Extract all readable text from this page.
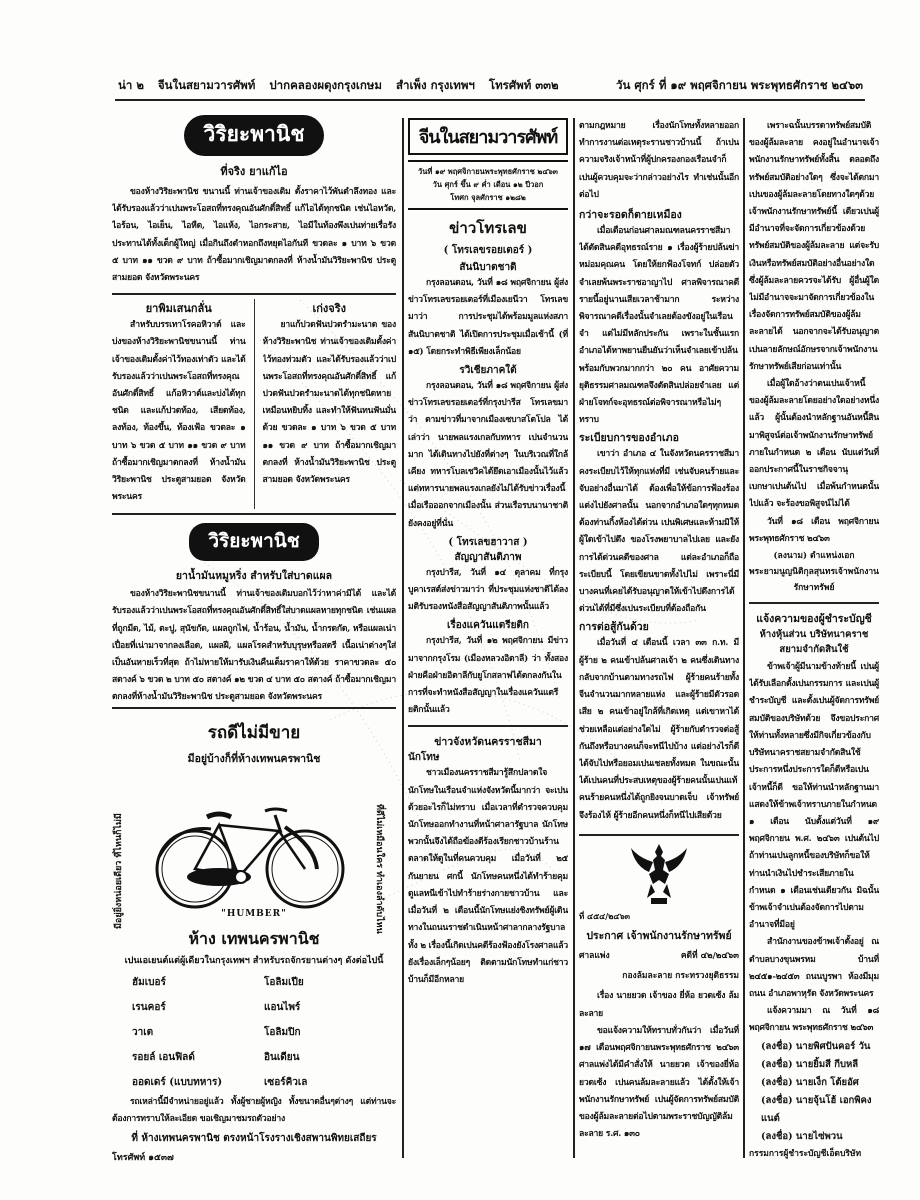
น่า ๒ จีนในสยามวารศัพท์ ปากคลองผดุงกรุงเกษม สำเพ็ง กรุงเทพฯ โทรศัพท์ ๓๓๒	วัน ศุกร์ ที่ ๑๙ พฤศจิกายน พระพุทธศักราช ๒๔๖๓
วิริยะพานิช
ที่จริง ยาแก้ไอ

ของห้างวิริยะพานิช ขนานนี้ ท่านเจ้าของเดิม ตั้งราคาไว้พันตำลึงทอง และได้รับรองแล้วว่าเปนพระโอสถที่ทรงคุณอันศักดิ์สิทธิ์ แก้ไอได้ทุกชนิด เช่นไอหวัด, ไอร้อน, ไอเย็น, ไอหืด, ไอแห้ง, ไอกระสาย, ไอมีในท้องพึงเปนท่ายเรื่อรัง ประทานได้ทั้งเด็กผู้ใหญ่ เมื่อกินถึงตำหอกถึงหยุดไอกันที ขวดละ ๑ บาท ๖ ขวด ๕ บาท ๑๑ ขวด ๙ บาท ถ้าซื้อมากเชิญมาตกลงที่ ห้างน้ำมันวิริยะพานิช ประตูสามยอด จังหวัดพระนคร

ยาพิมเสนกลั่น

สำหรับบรรเทาโรคอหิวาต์ และบ่งของห้างวิริยะพานิชขนานนี้ ท่านเจ้าของเดิมตั้งค่าไว้ทองเท่าตัว และได้รับรองแล้วว่าเปนพระโอสถที่ทรงคุณอันศักดิ์สิทธิ์ แก้อหิวาต์และบ่งได้ทุกชนิด และแก้ปวดท้อง, เสียดท้อง, ลงท้อง, ท้องขึ้น, ท้องเฟ้อ ขวดละ ๑ บาท ๖ ขวด ๕ บาท ๑๑ ขวด ๙ บาท ถ้าซื้อมากเชิญมาตกลงที่ ห้างน้ำมันวิริยะพานิช ประตูสามยอด จังหวัดพระนคร

เก่งจริง

ยาแก้ปวดฟันปวดรำมะนาด ของห้างวิริยะพานิช ท่านเจ้าของเดิมตั้งค่าไว้ทองท่วมตัว และได้รับรองแล้วว่าเปนพระโอสถที่ทรงคุณอันศักดิ์สิทธิ์ แก้ปวดฟันปวดรำมะนาดได้ทุกชนิดหายเหมือนหยิบทิ้ง และทำให้ฟันทนฟันมั่นด้วย ขวดละ ๑ บาท ๖ ขวด ๕ บาท ๑๑ ขวด ๙ บาท ถ้าซื้อมากเชิญมาตกลงที่ ห้างน้ำมันวิริยะพานิช ประตูสามยอด จังหวัดพระนคร

วิริยะพานิช
ยาน้ำมันหมูหริ่ง สำหรับใส่บาดแผล

ของห้างวิริยะพานิชขนานนี้ ท่านเจ้าของเดิมบอกไว้ว่าหาค่ามิได้ และได้รับรองแล้วว่าเปนพระโอสถที่ทรงคุณอันศักดิ์สิทธิ์ใส่บาดแผลหายทุกชนิด เช่นแผลที่ถูกมีด, ไม้, ตะปู, สุนัขกัด, แผลถูกไฟ, น้ำร้อน, น้ำมัน, น้ำกรดกัด, หรือแผลเน่าเปื่อยที่เน่ามาจากลงเลือด, แผลฝี, แผลโรคสำหรับบุรุษหรือสตรี เนื้อเน่าต่างๆใส่เป็นอันหายเร็วที่สุด ถ้าไม่หายให้มารับเงินคืนเต็มราคาให้ด้วย ราคาขวดละ ๕๐ สตางค์ ๖ ขวด ๒ บาท ๕๐ สตางค์ ๑๒ ขวด ๔ บาท ๕๐ สตางค์ ถ้าซื้อมากเชิญมาตกลงที่ห้างน้ำมันวิริยะพานิช ประตูสามยอด จังหวัดพระนคร

รถดีไม่มีขาย
มีอยู่บ้างก็ที่ห้างเทพนครพานิช
มีอยู่ยิ่งหน่อยเดียว ที่ไหนก็ไม่มี	ที่ดีไม่เหมือนใคร ทำเองลำดับไหน
"HUMBER"
ห้าง เทพนครพานิช
เปนเอเยนต์แต่ผู้เดียวในกรุงเทพฯ สำหรับรถจักรยานต่างๆ ดังต่อไปนี้
ฮัมเบอร์	โอลิมเปีย
เรนคอร์	แอนไพร์
วาเต	โอลิมปิก
รอยล์ เอนฟิลด์	อินเดียน
ออดเดร์ (แบบทหาร)	เซอร์คิวเล

รถเหล่านี้มีจำหน่ายอยู่แล้ว ทั้งผู้ชายผู้หญิง ทั้งขนาดอื่นๆต่างๆ แต่ท่านจะต้องการทราบให้ละเอียด ขอเชิญมาชมรถตัวอย่าง

ที่ ห้างเทพนครพานิช ตรงหน้าโรงรางเชิงสพานพิทยเสถียร
โทรศัพท์ ๑๕๓๗
จีนในสยามวารศัพท์
วันที่ ๑๙ พฤศจิกายนพระพุทธศักราช ๒๔๖๓
วัน ศุกร์ ขึ้น ๙ ค่ำ เดือน ๑๒ ปีวอก
โทศก จุลศักราช ๑๒๘๒
ข่าวโทรเลข
( โทรเลขรอยเตอร์ )
สันนิบาตชาติ

กรุงลอนดอน, วันที่ ๑๘ พฤศจิกายน ผู้ส่งข่าวโทรเลขรอยเตอร์ที่เมืองเยนีวา โทรเลขมาว่า การประชุมได้พร้อมมูลแห่งสภาสันนิบาตชาติ ได้เปิดการประชุมเมื่อเช้านี้ (ที่ ๑๕) โดยกระทำพิธีเพียงเล็กน้อย

รวิเชียภาคใต้

กรุงลอนดอน, วันที่ ๑๘ พฤศจิกายน ผู้ส่งข่าวโทรเลขรอยเตอร์ที่กรุงปารีส โทรเลขมาว่า ตามข่าวที่มาจากเมืองเซบาสโตโปล ได้เล่าว่า นายพลแรงเกลกับทหาร เปนจำนวนมาก ได้เดินทางไปยังที่ต่างๆ ในบริเวณที่ใกล้เคียง ทหารโบลเชวิคได้ยึดเอาเมืองนั้นไว้แล้ว แต่ทหารนายพลแรงเกลยังไม่ได้รับข่าวเรื่องนี้เมื่อเรือออกจากเมืองนั้น ส่วนเรือรบนานาชาติยังคงอยู่ที่นั่น

( โทรเลขฮาวาส )
สัญญาสันติภาพ

กรุงปารีส, วันที่ ๑๔ ตุลาคม ที่กรุงบูคาเรสต์ส่งข่าวมาว่า ที่ประชุมแห่งชาติได้ลงมติรับรองหนังสือสัญญาสันติภาพนั้นแล้ว

เรื่องแควันแตรียติก

กรุงปารีส, วันที่ ๑๒ พฤศจิกายน มีข่าวมาจากกรุงโรม (เมืองหลวงอิตาลี) ว่า ทั้งสองฝ่ายคือฝ่ายอิตาลีกับยูโกสลาฟได้ตกลงกันในการที่จะทำหนังสือสัญญาในเรื่องแควันแตรียติกนั้นแล้ว

ข่าวจังหวัดนครราชสีมา
นักโทษ

ชาวเมืองนครราชสีมารู้สึกปลาดใจนักโทษในเรือนจำแห่งจังหวัดนี้มากว่า จะเปนด้วยอะไรก็ไม่ทราบ เมื่อเวลาที่ตำรวจควบคุมนักโทษออกทำงานที่หน้าศาลารัฐบาล นักโทษพวกนั้นจึงได้ถือฆ้องตีร้องเรียกชาวบ้านร้านตลาดให้ดูในที่คนควบคุม เมื่อวันที่ ๒๕ กันยายน ศกนี้ นักโทษคนหนึ่งได้ทำร้ายคุมดูแลหนีเข้าไปทำร้ายร่างกายชาวบ้าน และเมื่อวันที่ ๒ เดือนนี้นักโทษแย่งชิงทรัพย์ผู้เดินทางในถนนราชดำเนินหน้าศาลากลางรัฐบาล ทั้ง ๒ เรื่องนี้เกิดเปนคดีร้องฟ้องยังโรงศาลแล้ว ยังเรื่องเล็กๆน้อยๆ ติดตามนักโทษทำแก่ชาวบ้านก็มีอีกหลาย

ตามกฎหมาย เรื่องนักโทษทั้งหลายออกทำการงานต่อเหตุระรานชาวบ้านนี้ ถ้าเปนความจริงเจ้าหน้าที่ผู้ปกครองกองเรือนจำก็เปนผู้ควบคุมจะว่ากล่าวอย่างไร ทำเช่นนั้นอีกต่อไป

กว่าจะรอดก็ตายเหมือง

เมื่อเดือนก่อนศาลมณฑลนครราชสีมา ได้ตัดสินคดีอุทธรณ์ราย ๑ เรื่องผู้ร้ายปล้นฆ่าหม่อมคุณคน โดยให้ยกฟ้องโจทก์ ปล่อยตัวจำเลยพ้นพระราชอาญาไป ศาลพิจารณาคดีรายนี้อยู่นานเสียเวลาช้ามาก ระหว่างพิจารณาคดีเรื่องนั้นจำเลยต้องขังอยู่ในเรือนจำ แต่ไม่มีหลักประกัน เพราะในชั้นแรกอำเภอได้หาพยานยืนยันว่าเห็นจำเลยเข้าปล้นพร้อมกับพวกมากกว่า ๒๐ คน อาศัยความยุติธรรมศาลมณฑลจึงตัดสินปล่อยจำเลย แต่ฝ่ายโจทก์จะอุทธรณ์ต่อพิจารณาหรือไม่ๆ ทราบ

ระเบียบการของอำเภอ

เขาว่า อำเภอ ๔ ในจังหวัดนครราชสีมาคงระเบียบไว้ให้ทุกแห่งที่มี เช่นจับคนร้ายและจับอย่างอื่นมาได้ ต้องเพื่อให้ข้อการฟ้องร้องแต่งไปยังศาลนั้น นอกจากอำเภอใดๆทุกหมด ต้องท่านกิ้งห้องได้ด่วน เปนพิเศษและห้ามมิให้ผู้ใดเข้าไปดึง ของโรงพยาบาลไปเลย และยังการได้ด่วนคดีของศาล แต่ละอำเภอก็ถือระเบียบนี้ โดยเขียนขาดทั้งไปไม่ เพราะนี่มีบางคนที่เคยได้รับอนุญาตให้เข้าไปดึงการได้ด่วนได้ที่มีซึ่งเปนระเบียบที่ต้องถือกัน

การต่อสู้กันด้วย

เมื่อวันที่ ๔ เดือนนี้ เวลา ๓๓ ก.ท. มีผู้ร้าย ๒ คนเข้าปล้นศาลเจ้า ๒ คนซึ่งเดินทางกลับจากบ้านตามทางรถไฟ ผู้ร้ายคนร้ายทั้งจีนจำนวนมากหลายแห่ง และผู้ร้ายมีตัวรอดเสีย ๒ คนเข้าอยู่ใกล้ที่เกิดเหตุ แต่เขาหาได้ช่วยเหลือแต่อย่างใดไม่ ผู้ร้ายกับตำรวจต่อสู้กันถึงหรือบางคนก็จะหนีไปบ้าง แต่อย่างไรก็ดีได้จับไปหรือยอมเปนเชลยทั้งหมด ในขณะนั้นได้เปนคนที่ประสบเหตุของผู้ร้ายคนนั้นเปนแท้ คนร้ายคนหนึ่งได้ถูกยิงจนบาดเจ็บ เจ้าทรัพย์จึงร้องไห้ ผู้ร้ายอีกคนหนึ่งก็หนีไปเสียด้วย

ที่ ๔๕๔/๒๔๖๓
ประกาศ เจ้าพนักงานรักษาทรัพย์
ศาลแพ่ง	คดีที่ ๔๒/๒๔๖๓
กองล้มละลาย กระทรวงยุติธรรม

เรื่อง นายยวด เจ้าของ ยี่ห้อ ยวดเซ้ง ล้มละลาย

ขอแจ้งความให้ทราบทั่วกันว่า เมื่อวันที่ ๑๗ เดือนพฤศจิกายนพระพุทธศักราช ๒๔๖๓ ศาลแพ่งได้มีคำสั่งให้ นายยวด เจ้าของยี่ห้อ ยวดเซ้ง เปนคนล้มละลายแล้ว ได้ตั้งให้เจ้าพนักงานรักษาทรัพย์ เปนผู้จัดการทรัพย์สมบัติของผู้ล้มละลายต่อไปตามพระราชบัญญัติล้มละลาย ร.ศ. ๑๓๐

เพราะฉนั้นบรรดาทรัพย์สมบัติของผู้ล้มละลาย คงอยู่ในอำนาจเจ้าพนักงานรักษาทรัพย์ทั้งสิ้น ตลอดถึงทรัพย์สมบัติอย่างใดๆ ซึ่งจะได้ตกมาเปนของผู้ล้มละลายโดยทางใดๆด้วย เจ้าพนักงานรักษาทรัพย์นี้ เดียวเปนผู้มีอำนาจที่จะจัดการเกี่ยวข้องด้วยทรัพย์สมบัติของผู้ล้มละลาย แต่จะรับเงินหรือทรัพย์สมบัติอย่างอื่นอย่างใดซึ่งผู้ล้มละลายควรจะได้รับ ผู้อื่นผู้ใดไม่มีอำนาจจะมาจัดการเกี่ยวข้องในเรื่องจัดการทรัพย์สมบัติของผู้ล้มละลายได้ นอกจากจะได้รับอนุญาตเปนลายลักษณ์อักษรจากเจ้าพนักงานรักษาทรัพย์เสียก่อนเท่านั้น

เมื่อผู้ใดอ้างว่าตนเปนเจ้าหนี้ของผู้ล้มละลายโดยอย่างใดอย่างหนึ่งแล้ว ผู้นั้นต้องนำหลักฐานอันหนี้สินมาพิสูจน์ต่อเจ้าพนักงานรักษาทรัพย์ภายในกำหนด ๒ เดือน นับแต่วันที่ออกประกาศนี้ในราชกิจจานุเบกษาเปนต้นไป เมื่อพ้นกำหนดนั้นไปแล้ว จะร้องขอพิสูจน์ไม่ได้

วันที่ ๑๘ เดือน พฤศจิกายน พระพุทธศักราช ๒๔๖๓

(ลงนาม) ตำแหน่งเอก
พระยามนูญนิติกุลสุนทรเจ้าพนักงานรักษาทรัพย์
แจ้งความของผู้ชำระบัญชี
ห้างหุ้นส่วน บริษัทนาคราชสยามจำกัดสินใช้

ข้าพเจ้าผู้มีนามข้างท้ายนี้ เปนผู้ได้รับเลือกตั้งเปนกรรมการ และเปนผู้ชำระบัญชี และตั้งเปนผู้จัดการทรัพย์สมบัติของบริษัทด้วย จึงขอประกาศให้ท่านทั้งหลายซึ่งมีกิจเกี่ยวข้องกับบริษัทนาคราชสยามจำกัดสินใช้ ประการหนึ่งประการใดก็ดีหรือเปนเจ้าหนี้ก็ดี ขอให้ท่านนำหลักฐานมาแสดงให้ข้าพเจ้าทราบภายในกำหนด ๑ เดือน นับตั้งแต่วันที่ ๑๙ พฤศจิกายน พ.ศ. ๒๔๖๓ เปนต้นไป ถ้าท่านเปนลูกหนี้ของบริษัทก็ขอให้ท่านนำเงินไปชำระเสียภายในกำหนด ๑ เดือนเช่นเดียวกัน มิฉนั้นข้าพเจ้าจำเปนต้องจัดการไปตามอำนาจที่มีอยู่

สำนักงานของข้าพเจ้าตั้งอยู่ ณ ตำบลบางขุนพรหม บ้านที่ ๒๔๕๑-๒๔๕๓ ถนนบูรพา ห้องมีมุมถนน อำเภอพาหุรัด จังหวัดพระนคร

แจ้งความมา ณ วันที่ ๑๘ พฤศจิกายน พระพุทธศักราช ๒๔๖๓

(ลงชื่อ) นายพิศปันคอร์ วัน
(ลงชื่อ) นายยิ้มสี กีบหลี
(ลงชื่อ) นายเง็ก โต้ยอัศ
(ลงชื่อ) นายจุ้นโฮ้ เอกพิคงแนต์
(ลงชื่อ) นายไซ่พวน
กรรมการผู้ชำระบัญชีเอ็ดบริษัท
